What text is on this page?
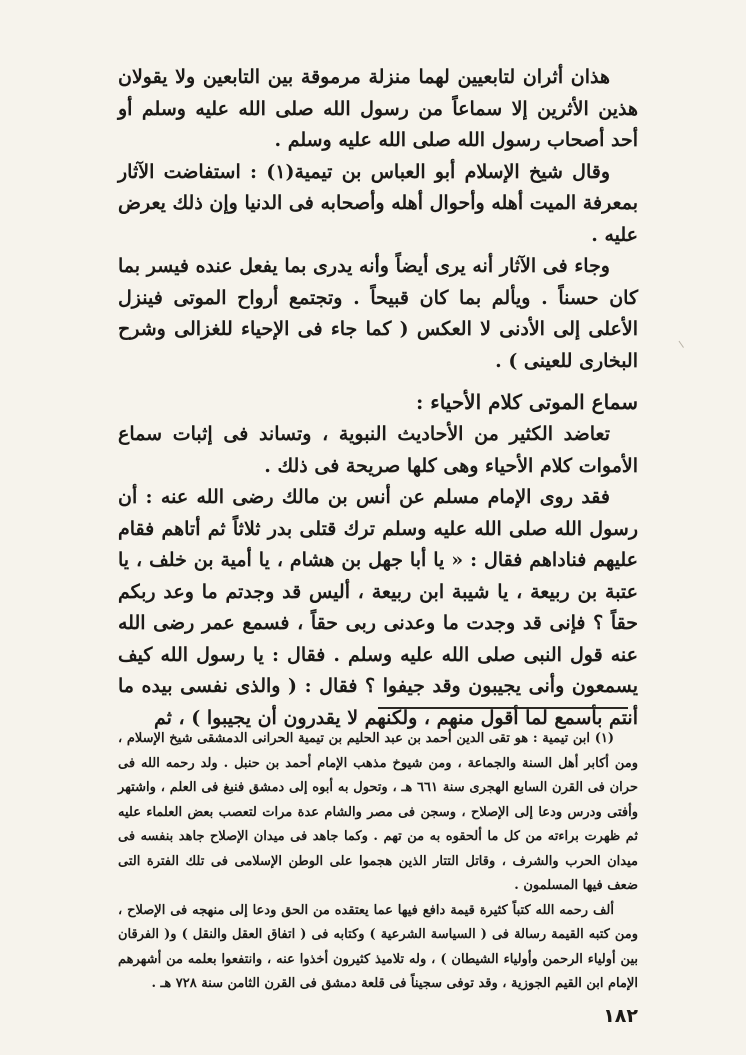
هذان أثران لتابعيين لهما منزلة مرموقة بين التابعين ولا يقولان هذين الأثرين إلا سماعاً من رسول الله صلى الله عليه وسلم أو أحد أصحاب رسول الله صلى الله عليه وسلم .

وقال شيخ الإسلام أبو العباس بن تيمية(١) : استفاضت الآثار بمعرفة الميت أهله وأحوال أهله وأصحابه فى الدنيا وإن ذلك يعرض عليه .

وجاء فى الآثار أنه يرى أيضاً وأنه يدرى بما يفعل عنده فيسر بما كان حسناً . ويألم بما كان قبيحاً . وتجتمع أرواح الموتى فينزل الأعلى إلى الأدنى لا العكس ( كما جاء فى الإحياء للغزالى وشرح البخارى للعينى ) .

سماع الموتى كلام الأحياء :

تعاضد الكثير من الأحاديث النبوية ، وتساند فى إثبات سماع الأموات كلام الأحياء وهى كلها صريحة فى ذلك .

فقد روى الإمام مسلم عن أنس بن مالك رضى الله عنه : أن رسول الله صلى الله عليه وسلم ترك قتلى بدر ثلاثاً ثم أتاهم فقام عليهم فناداهم فقال : « يا أبا جهل بن هشام ، يا أمية بن خلف ، يا عتبة بن ربيعة ، يا شيبة ابن ربيعة ، أليس قد وجدتم ما وعد ربكم حقاً ؟ فإنى قد وجدت ما وعدنى ربى حقاً ، فسمع عمر رضى الله عنه قول النبى صلى الله عليه وسلم . فقال : يا رسول الله كيف يسمعون وأنى يجيبون وقد جيفوا ؟ فقال : ( والذى نفسى بيده ما أنتم بأسمع لما أقول منهم ، ولكنهم لا يقدرون أن يجيبوا ) ، ثم

(١) ابن تيمية : هو تقى الدين أحمد بن عبد الحليم بن تيمية الحرانى الدمشقى شيخ الإسلام ، ومن أكابر أهل السنة والجماعة ، ومن شيوخ مذهب الإمام أحمد بن حنبل . ولد رحمه الله فى حران فى القرن السابع الهجرى سنة ٦٦١ هـ ، وتحول به أبوه إلى دمشق فنبغ فى العلم ، واشتهر وأفتى ودرس ودعا إلى الإصلاح ، وسجن فى مصر والشام عدة مرات لتعصب بعض العلماء عليه ثم ظهرت براءته من كل ما ألحقوه به من تهم . وكما جاهد فى ميدان الإصلاح جاهد بنفسه فى ميدان الحرب والشرف ، وقاتل التتار الذين هجموا على الوطن الإسلامى فى تلك الفترة التى ضعف فيها المسلمون .

ألف رحمه الله كتباً كثيرة قيمة دافع فيها عما يعتقده من الحق ودعا إلى منهجه فى الإصلاح ، ومن كتبه القيمة رسالة فى ( السياسة الشرعية ) وكتابه فى ( اتفاق العقل والنقل ) و( الفرقان بين أولياء الرحمن وأولياء الشيطان ) ، وله تلاميذ كثيرون أخذوا عنه ، وانتفعوا بعلمه من أشهرهم الإمام ابن القيم الجوزية ، وقد توفى سجيناً فى قلعة دمشق فى القرن الثامن سنة ٧٢٨ هـ .

١٨٢
